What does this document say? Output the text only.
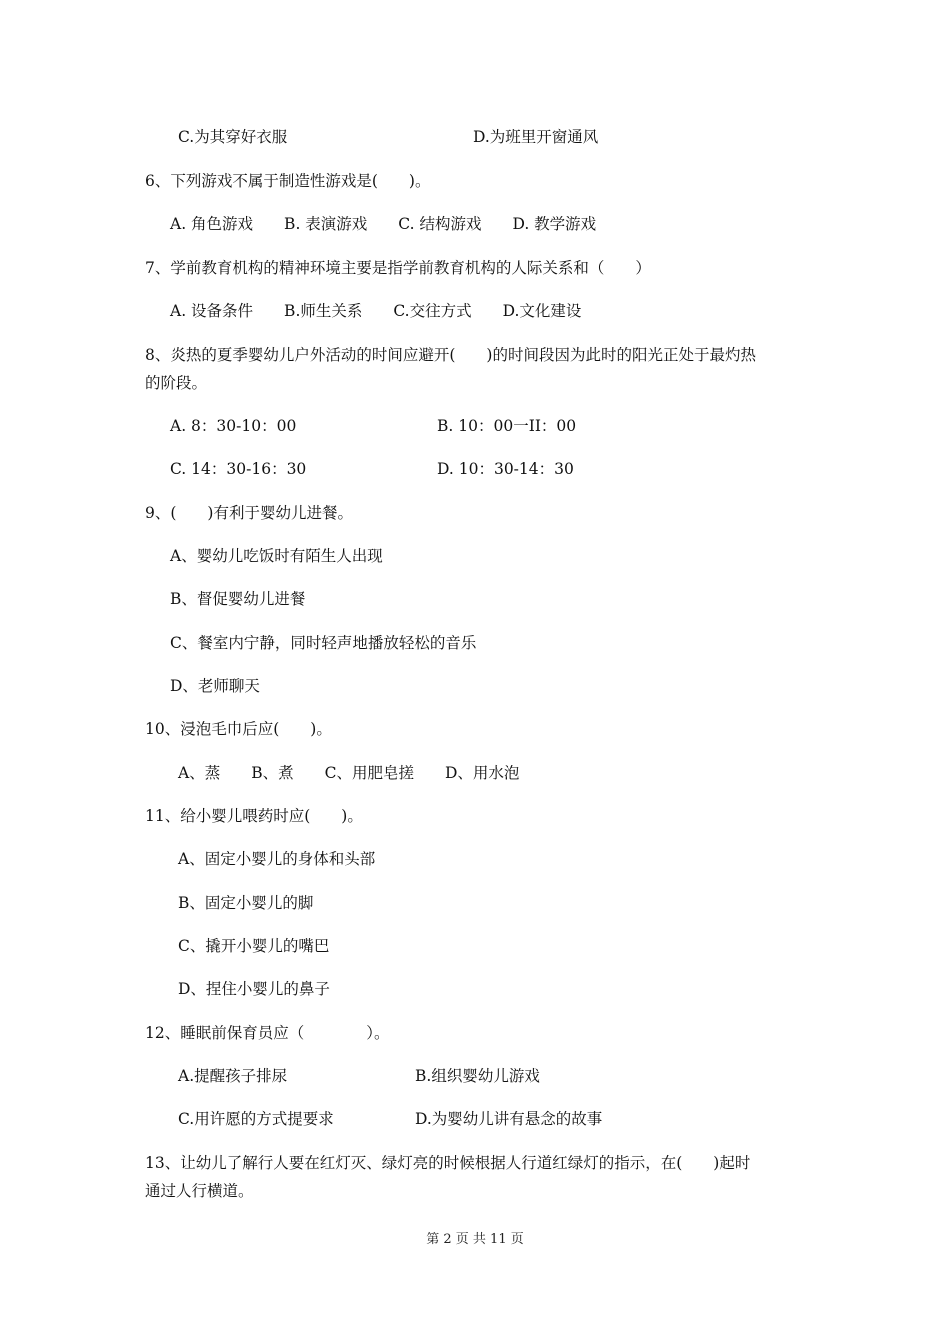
C.为其穿好衣服	D.为班里开窗通风
6、下列游戏不属于制造性游戏是(　　)。
A. 角色游戏　　B. 表演游戏　　C. 结构游戏　　D. 教学游戏
7、学前教育机构的精神环境主要是指学前教育机构的人际关系和（　　）
A. 设备条件　　B.师生关系　　C.交往方式　　D.文化建设
8、炎热的夏季婴幼儿户外活动的时间应避开(　　)的时间段因为此时的阳光正处于最灼热
的阶段。
A. 8：30-10：00	B. 10：00一II：00
C. 14：30-16：30	D. 10：30-14：30
9、(　　)有利于婴幼儿进餐。
A、婴幼儿吃饭时有陌生人出现
B、督促婴幼儿进餐
C、餐室内宁静，同时轻声地播放轻松的音乐
D、老师聊天
10、浸泡毛巾后应(　　)。
A、蒸　　B、煮　　C、用肥皂搓　　D、用水泡
11、给小婴儿喂药时应(　　)。
A、固定小婴儿的身体和头部
B、固定小婴儿的脚
C、撬开小婴儿的嘴巴
D、捏住小婴儿的鼻子
12、睡眠前保育员应（　　　　）。
A.提醒孩子排尿	B.组织婴幼儿游戏
C.用许愿的方式提要求	D.为婴幼儿讲有悬念的故事
13、让幼儿了解行人要在红灯灭、绿灯亮的时候根据人行道红绿灯的指示，在(　　)起时
通过人行横道。
第 2 页 共 11 页
